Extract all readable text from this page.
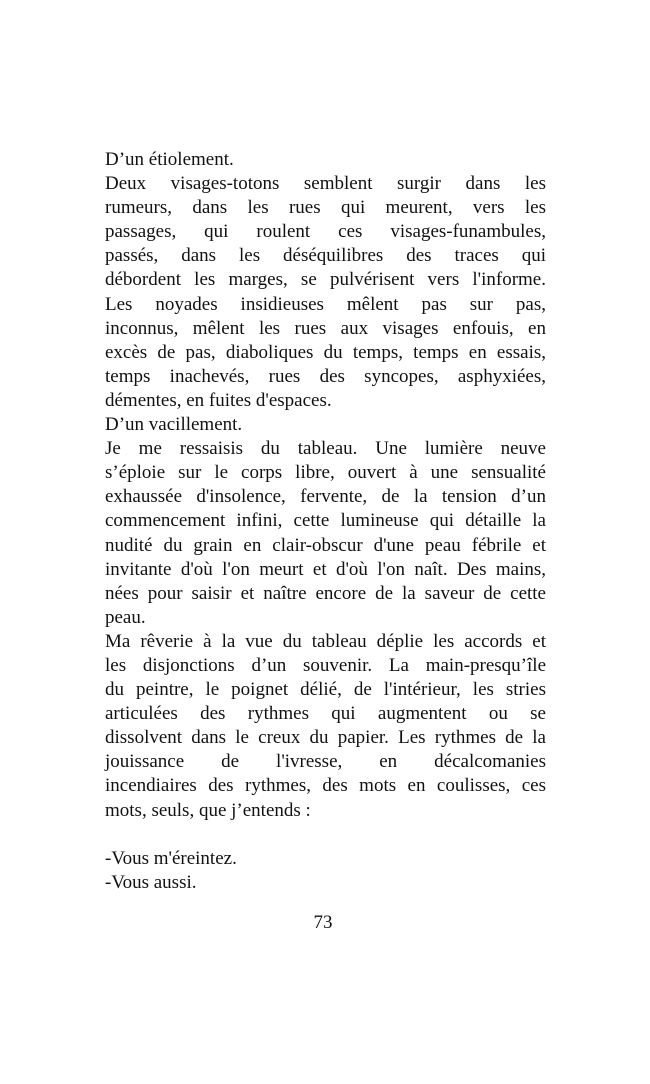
D’un étiolement.
Deux visages-totons semblent surgir dans les
rumeurs, dans les rues qui meurent, vers les
passages, qui roulent ces visages-funambules,
passés, dans les déséquilibres des traces qui
débordent les marges, se pulvérisent vers l'informe.
Les noyades insidieuses mêlent pas sur pas,
inconnus, mêlent les rues aux visages enfouis, en
excès de pas, diaboliques du temps, temps en essais,
temps inachevés, rues des syncopes, asphyxiées,
démentes, en fuites d'espaces.
D’un vacillement.
Je me ressaisis du tableau. Une lumière neuve
s’éploie sur le corps libre, ouvert à une sensualité
exhaussée d'insolence, fervente, de la tension d’un
commencement infini, cette lumineuse qui détaille la
nudité du grain en clair-obscur d'une peau fébrile et
invitante d'où l'on meurt et d'où l'on naît. Des mains,
nées pour saisir et naître encore de la saveur de cette
peau.
Ma rêverie à la vue du tableau déplie les accords et
les disjonctions d’un souvenir. La main-presqu’île
du peintre, le poignet délié, de l'intérieur, les stries
articulées des rythmes qui augmentent ou se
dissolvent dans le creux du papier. Les rythmes de la
jouissance de l'ivresse, en décalcomanies
incendiaires des rythmes, des mots en coulisses, ces
mots, seuls, que j’entends :
-Vous m'éreintez.
-Vous aussi.
73
